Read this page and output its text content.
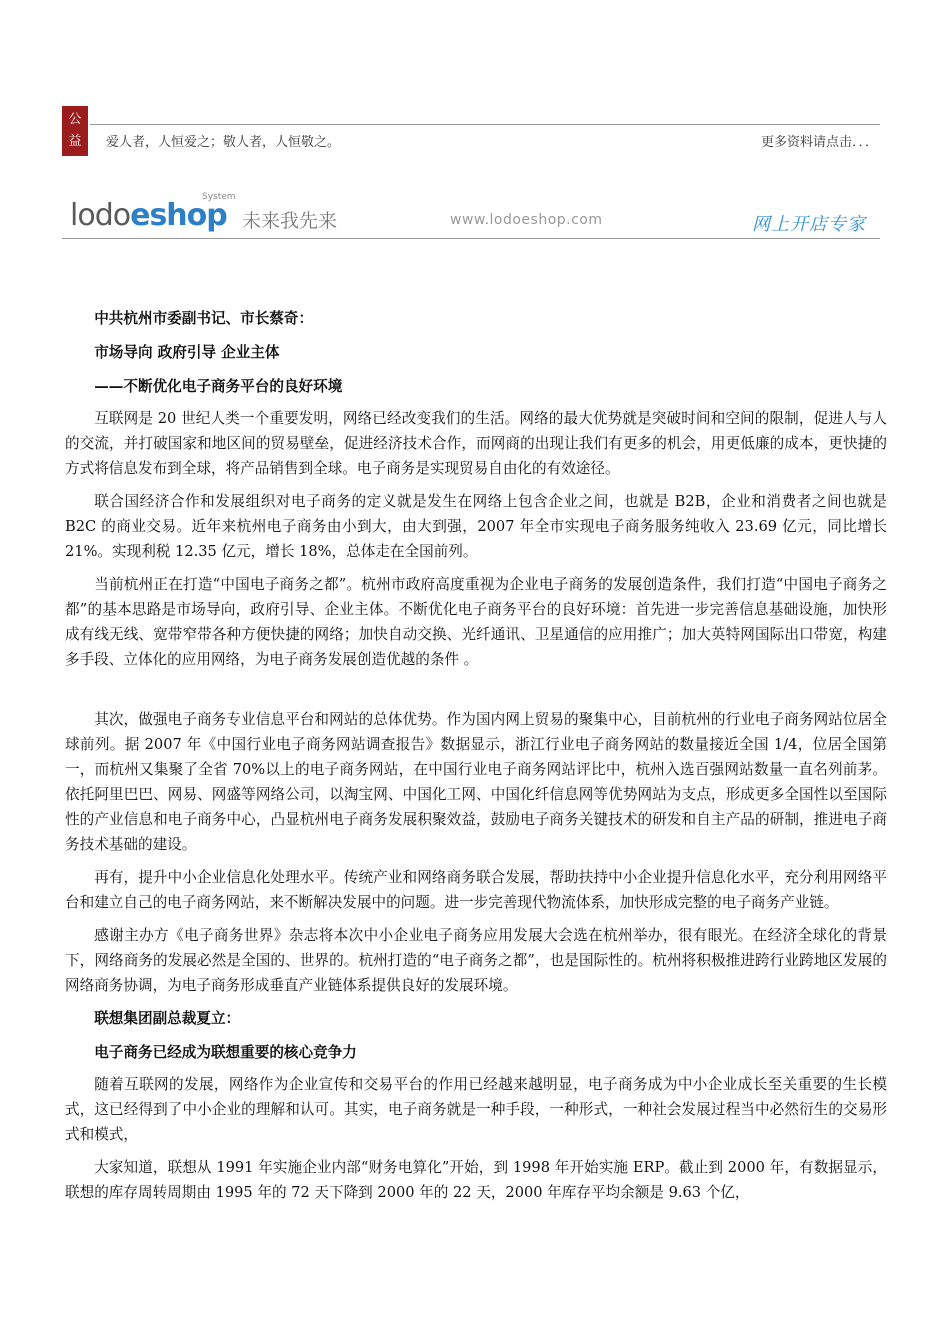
公
益	爱人者，人恒爱之；敬人者，人恒敬之。	更多资料请点击．．．
lodoeshop
System
未来我先来	www.lodoeshop.com	网上开店专家

中共杭州市委副书记、市长蔡奇：

市场导向 政府引导 企业主体

——不断优化电子商务平台的良好环境

互联网是 20 世纪人类一个重要发明，网络已经改变我们的生活。网络的最大优势就是突破时间和空间的限制，促进人与人的交流，并打破国家和地区间的贸易壁垒，促进经济技术合作，而网商的出现让我们有更多的机会，用更低廉的成本，更快捷的方式将信息发布到全球，将产品销售到全球。电子商务是实现贸易自由化的有效途径。

联合国经济合作和发展组织对电子商务的定义就是发生在网络上包含企业之间，也就是 B2B，企业和消费者之间也就是 B2C 的商业交易。近年来杭州电子商务由小到大，由大到强，2007 年全市实现电子商务服务纯收入 23.69 亿元，同比增长 21%。实现利税 12.35 亿元，增长 18%，总体走在全国前列。

当前杭州正在打造“中国电子商务之都”。杭州市政府高度重视为企业电子商务的发展创造条件，我们打造“中国电子商务之都”的基本思路是市场导向，政府引导、企业主体。不断优化电子商务平台的良好环境：首先进一步完善信息基础设施，加快形成有线无线、宽带窄带各种方便快捷的网络；加快自动交换、光纤通讯、卫星通信的应用推广；加大英特网国际出口带宽，构建多手段、立体化的应用网络，为电子商务发展创造优越的条件 。

其次，做强电子商务专业信息平台和网站的总体优势。作为国内网上贸易的聚集中心，目前杭州的行业电子商务网站位居全球前列。据 2007 年《中国行业电子商务网站调查报告》数据显示，浙江行业电子商务网站的数量接近全国 1/4，位居全国第一，而杭州又集聚了全省 70%以上的电子商务网站，在中国行业电子商务网站评比中，杭州入选百强网站数量一直名列前茅。依托阿里巴巴、网易、网盛等网络公司，以淘宝网、中国化工网、中国化纤信息网等优势网站为支点，形成更多全国性以至国际性的产业信息和电子商务中心，凸显杭州电子商务发展积聚效益，鼓励电子商务关键技术的研发和自主产品的研制，推进电子商务技术基础的建设。

再有，提升中小企业信息化处理水平。传统产业和网络商务联合发展，帮助扶持中小企业提升信息化水平，充分利用网络平台和建立自己的电子商务网站，来不断解决发展中的问题。进一步完善现代物流体系，加快形成完整的电子商务产业链。

感谢主办方《电子商务世界》杂志将本次中小企业电子商务应用发展大会选在杭州举办，很有眼光。在经济全球化的背景下，网络商务的发展必然是全国的、世界的。杭州打造的“电子商务之都”，也是国际性的。杭州将积极推进跨行业跨地区发展的网络商务协调，为电子商务形成垂直产业链体系提供良好的发展环境。

联想集团副总裁夏立：

电子商务已经成为联想重要的核心竞争力

随着互联网的发展，网络作为企业宣传和交易平台的作用已经越来越明显，电子商务成为中小企业成长至关重要的生长模式，这已经得到了中小企业的理解和认可。其实，电子商务就是一种手段，一种形式，一种社会发展过程当中必然衍生的交易形式和模式，

大家知道，联想从 1991 年实施企业内部“财务电算化”开始，到 1998 年开始实施 ERP。截止到 2000 年，有数据显示，联想的库存周转周期由 1995 年的 72 天下降到 2000 年的 22 天，2000 年库存平均余额是 9.63 个亿，
